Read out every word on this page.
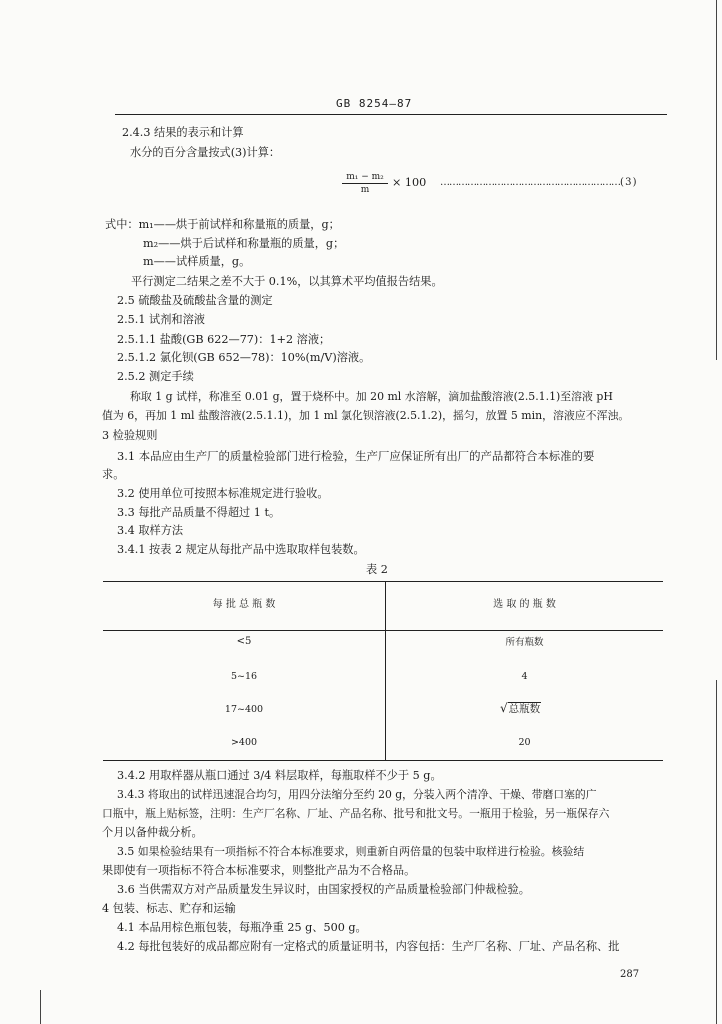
GB 8254—87
2.4.3 结果的表示和计算
水分的百分含量按式(3)计算：
m₁ − m₂
m
× 100 ……………………………………………………( 3 )
式中：m₁——烘于前试样和称量瓶的质量，g；
m₂——烘于后试样和称量瓶的质量，g；
m——试样质量，g。
平行测定二结果之差不大于 0.1%，以其算术平均值报告结果。
2.5 硫酸盐及硫酸盐含量的测定
2.5.1 试剂和溶液
2.5.1.1 盐酸(GB 622—77)：1+2 溶液；
2.5.1.2 氯化钡(GB 652—78)：10%(m/V)溶液。
2.5.2 测定手续
称取 1 g 试样，称准至 0.01 g，置于烧杯中。加 20 ml 水溶解，滴加盐酸溶液(2.5.1.1)至溶液 pH
值为 6，再加 1 ml 盐酸溶液(2.5.1.1)，加 1 ml 氯化钡溶液(2.5.1.2)，摇匀，放置 5 min，溶液应不浑浊。
3 检验规则
3.1 本品应由生产厂的质量检验部门进行检验，生产厂应保证所有出厂的产品都符合本标准的要
求。
3.2 使用单位可按照本标准规定进行验收。
3.3 每批产品质量不得超过 1 t。
3.4 取样方法
3.4.1 按表 2 规定从每批产品中选取取样包装数。
表 2
每 批 总 瓶 数	选 取 的 瓶 数
<5	所有瓶数
5~16	4
17~400	√总瓶数
>400	20
3.4.2 用取样器从瓶口通过 3/4 料层取样，每瓶取样不少于 5 g。
3.4.3 将取出的试样迅速混合均匀，用四分法缩分至约 20 g，分装入两个清净、干燥、带磨口塞的广
口瓶中，瓶上贴标签，注明：生产厂名称、厂址、产品名称、批号和批文号。一瓶用于检验，另一瓶保存六
个月以备仲裁分析。
3.5 如果检验结果有一项指标不符合本标准要求，则重新自两倍量的包装中取样进行检验。核验结
果即使有一项指标不符合本标准要求，则整批产品为不合格品。
3.6 当供需双方对产品质量发生异议时，由国家授权的产品质量检验部门仲裁检验。
4 包装、标志、贮存和运输
4.1 本品用棕色瓶包装，每瓶净重 25 g、500 g。
4.2 每批包装好的成品都应附有一定格式的质量证明书，内容包括：生产厂名称、厂址、产品名称、批
287
